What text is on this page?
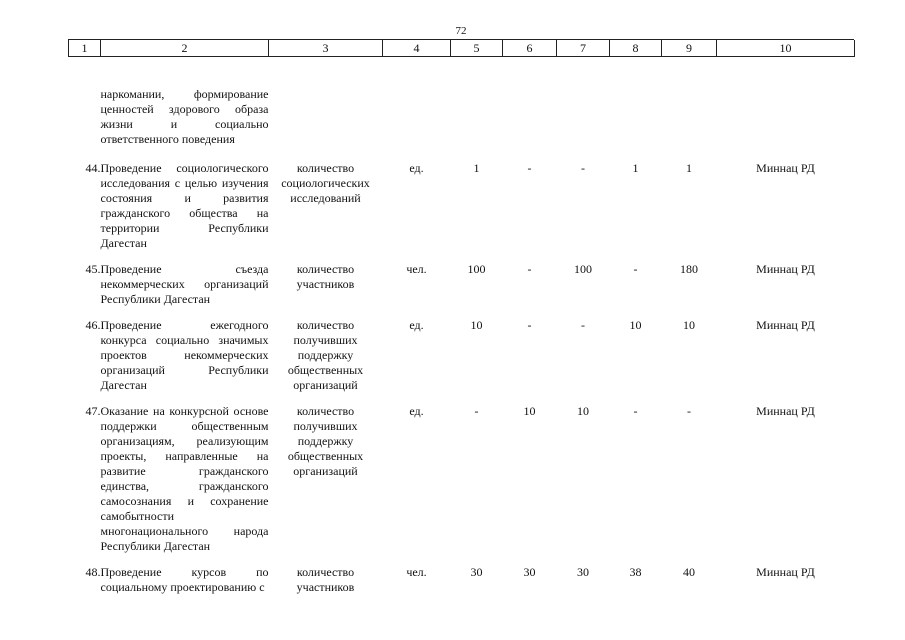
72
1	2	3	4	5	6	7	8	9	10

	наркомании, формирование ценностей здорового образа жизни и социально ответственного поведения								

44.	Проведение социологического исследования с целью изучения состояния и развития гражданского общества на территории Республики Дагестан	количество социологических исследований	ед.	1	-	-	1	1	Миннац РД

45.	Проведение съезда некоммерческих организаций Республики Дагестан	количество участников	чел.	100	-	100	-	180	Миннац РД

46.	Проведение ежегодного конкурса социально значимых проектов некоммерческих организаций Республики Дагестан	количество получивших поддержку общественных организаций	ед.	10	-	-	10	10	Миннац РД

47.	Оказание на конкурсной основе поддержки общественным организациям, реализующим проекты, направленные на развитие гражданского единства, гражданского самосознания и сохранение самобытности многонационального народа Республики Дагестан	количество получивших поддержку общественных организаций	ед.	-	10	10	-	-	Миннац РД

48.	Проведение курсов по социальному проектированию с	количество участников	чел.	30	30	30	38	40	Миннац РД
